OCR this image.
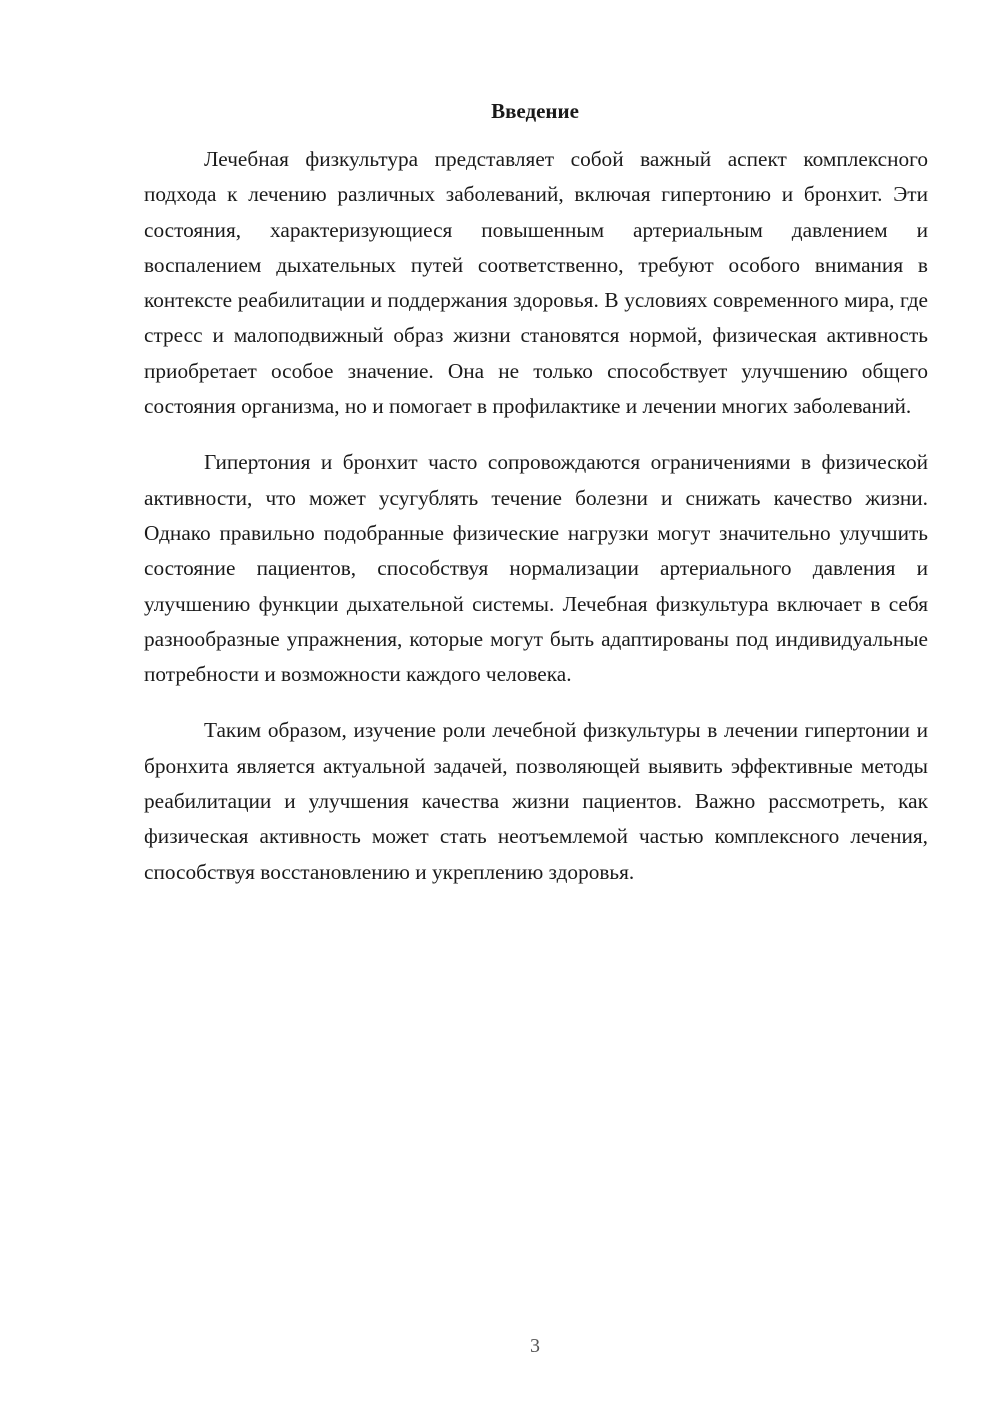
Введение

Лечебная физкультура представляет собой важный аспект комплексного подхода к лечению различных заболеваний, включая гипертонию и бронхит. Эти состояния, характеризующиеся повышенным артериальным давлением и воспалением дыхательных путей соответственно, требуют особого внимания в контексте реабилитации и поддержания здоровья. В условиях современного мира, где стресс и малоподвижный образ жизни становятся нормой, физическая активность приобретает особое значение. Она не только способствует улучшению общего состояния организма, но и помогает в профилактике и лечении многих заболеваний.

Гипертония и бронхит часто сопровождаются ограничениями в физической активности, что может усугублять течение болезни и снижать качество жизни. Однако правильно подобранные физические нагрузки могут значительно улучшить состояние пациентов, способствуя нормализации артериального давления и улучшению функции дыхательной системы. Лечебная физкультура включает в себя разнообразные упражнения, которые могут быть адаптированы под индивидуальные потребности и возможности каждого человека.

Таким образом, изучение роли лечебной физкультуры в лечении гипертонии и бронхита является актуальной задачей, позволяющей выявить эффективные методы реабилитации и улучшения качества жизни пациентов. Важно рассмотреть, как физическая активность может стать неотъемлемой частью комплексного лечения, способствуя восстановлению и укреплению здоровья.

3
